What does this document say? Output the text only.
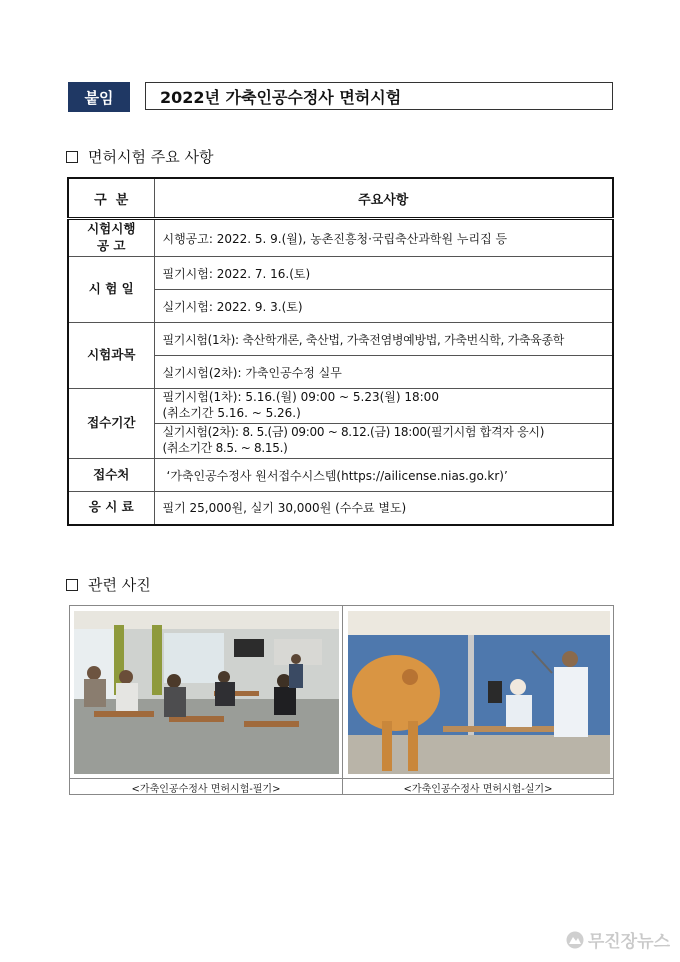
붙임	2022년 가축인공수정사 면허시험
면허시험 주요 사항
구  분	주요사항
시험시행
공 고	시행공고: 2022. 5. 9.(월), 농촌진흥청·국립축산과학원 누리집 등
시 험 일	필기시험: 2022. 7. 16.(토)
	실기시험: 2022. 9. 3.(토)
시험과목	필기시험(1차): 축산학개론, 축산법, 가축전염병예방법, 가축번식학, 가축육종학
	실기시험(2차): 가축인공수정 실무
접수기간	필기시험(1차): 5.16.(월) 09:00 ~ 5.23(월) 18:00
(취소기간 5.16. ~ 5.26.)

	실기시험(2차): 8. 5.(금) 09:00 ~ 8.12.(금) 18:00(필기시험 합격자 응시)
(취소기간 8.5. ~ 8.15.)

접수처	‘가축인공수정사 원서접수시스템(https://ailicense.nias.go.kr)’
응 시 료	필기 25,000원, 실기 30,000원 (수수료 별도)
관련 사진
<가축인공수정사 면허시험-필기>	<가축인공수정사 면허시험-실기>
무진장뉴스
